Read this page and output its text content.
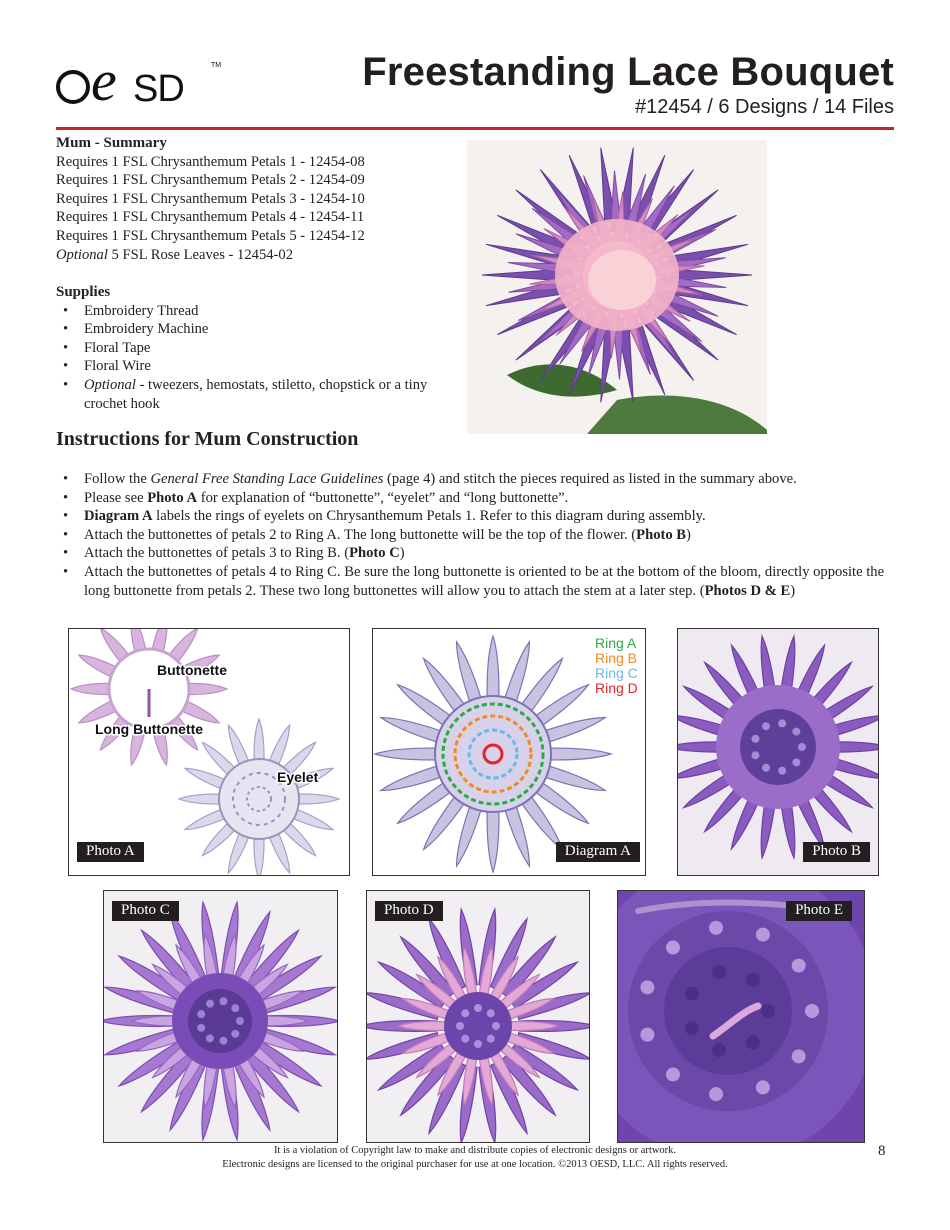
e SD
TM	Freestanding Lace Bouquet
#12454 / 6 Designs / 14 Files
Mum - Summary
Requires 1 FSL Chrysanthemum Petals 1 - 12454-08
Requires 1 FSL Chrysanthemum Petals 2 - 12454-09
Requires 1 FSL Chrysanthemum Petals 3 - 12454-10
Requires 1 FSL Chrysanthemum Petals 4 - 12454-11
Requires 1 FSL Chrysanthemum Petals 5 - 12454-12
Optional 5 FSL Rose Leaves - 12454-02
Supplies
• Embroidery Thread
• Embroidery Machine
• Floral Tape
• Floral Wire
• Optional - tweezers, hemostats, stiletto, chopstick or a tiny crochet hook
Instructions for Mum Construction
• Follow the General Free Standing Lace Guidelines (page 4) and stitch the pieces required as listed in the summary above.
• Please see Photo A for explanation of “buttonette”, “eyelet” and “long buttonette”.
• Diagram A labels the rings of eyelets on Chrysanthemum Petals 1. Refer to this diagram during assembly.
• Attach the buttonettes of petals 2 to Ring A. The long buttonette will be the top of the flower. (Photo B)
• Attach the buttonettes of petals 3 to Ring B. (Photo C)
• Attach the buttonettes of petals 4 to Ring C. Be sure the long buttonette is oriented to be at the bottom of the bloom, directly opposite the long buttonette from petals 2. These two long buttonettes will allow you to attach the stem at a later step. (Photos D & E)
Buttonette
Long Buttonette
Eyelet
Photo A
Ring A
Ring B
Ring C
Ring D
Diagram A	Photo B
Photo C	Photo D	Photo E
It is a violation of Copyright law to make and distribute copies of electronic designs or artwork.
Electronic designs are licensed to the original purchaser for use at one location. ©2013 OESD, LLC. All rights reserved.
8
